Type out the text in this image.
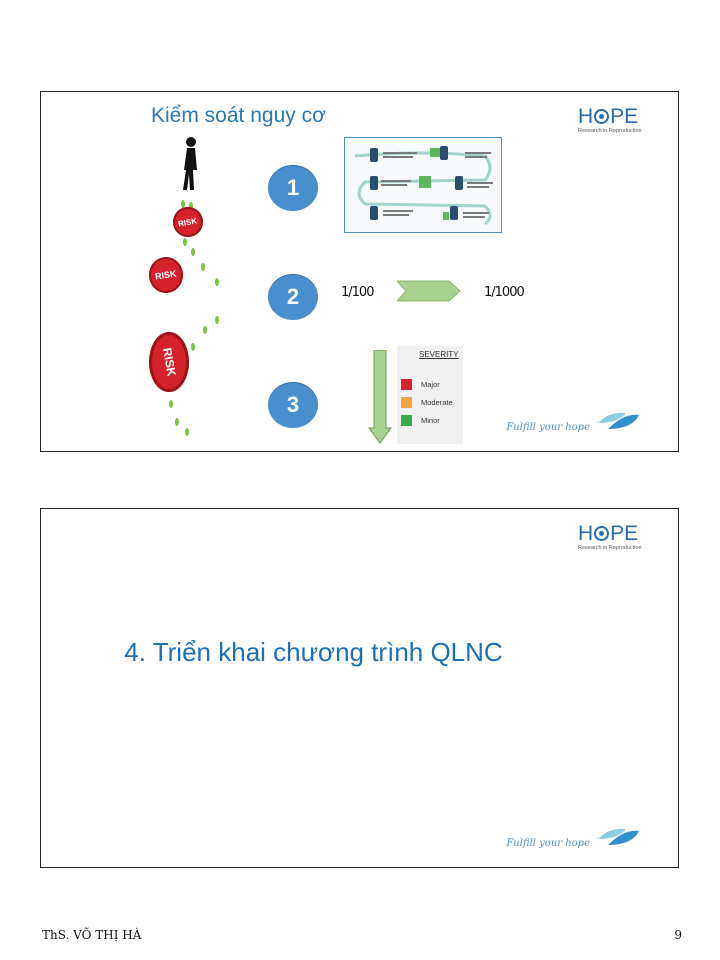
Kiểm soát nguy cơ	H PE
Research in Reproduction
RISK
RISK
RISK
1
2
3
1/100	1/1000
SEVERITY
Major
Moderate
Minor
Fulfill your hope
H PE
Research in Reproduction
4. Triển khai chương trình QLNC
Fulfill your hope
ThS. VÕ THỊ HÀ	9
